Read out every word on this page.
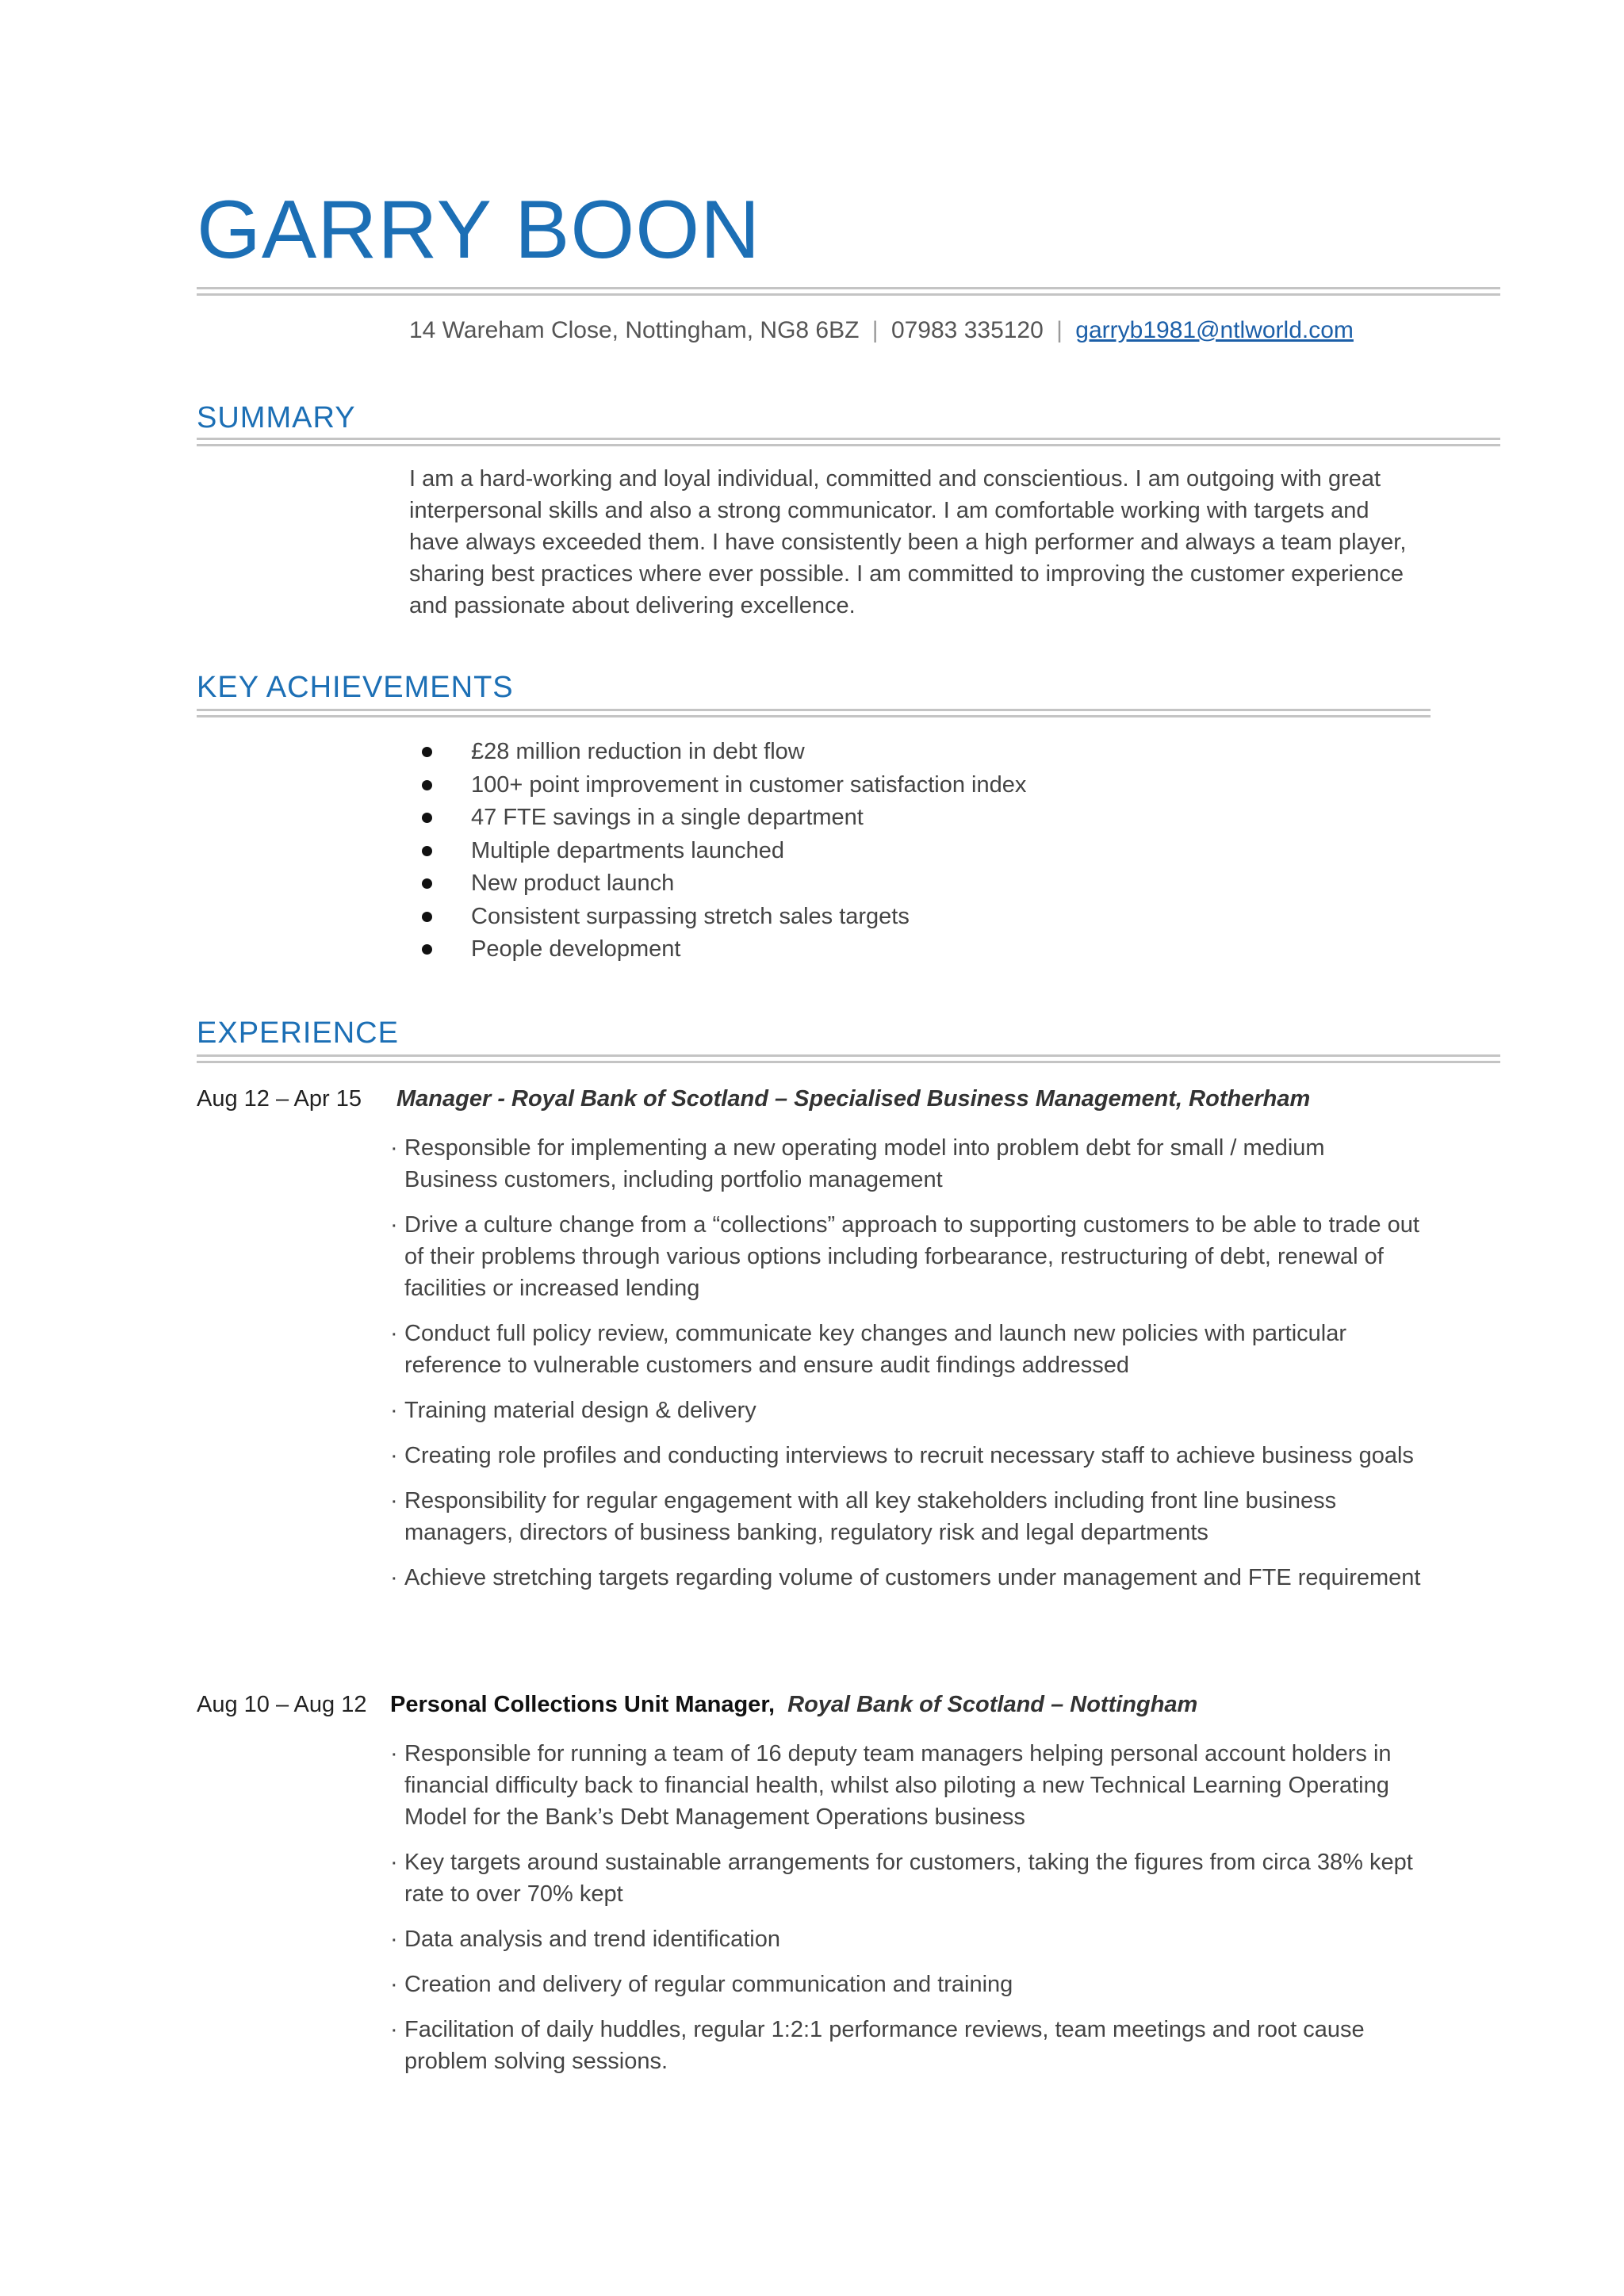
GARRY BOON
14 Wareham Close, Nottingham, NG8 6BZ | 07983 335120 | garryb1981@ntlworld.com
SUMMARY
I am a hard-working and loyal individual, committed and conscientious. I am outgoing with great interpersonal skills and also a strong communicator. I am comfortable working with targets and have always exceeded them. I have consistently been a high performer and always a team player, sharing best practices where ever possible. I am committed to improving the customer experience and passionate about delivering excellence.
KEY ACHIEVEMENTS
£28 million reduction in debt flow
100+ point improvement in customer satisfaction index
47 FTE savings in a single department
Multiple departments launched
New product launch
Consistent surpassing stretch sales targets
People development
EXPERIENCE
Aug 12 – Apr 15 Manager - Royal Bank of Scotland – Specialised Business Management, Rotherham
· Responsible for implementing a new operating model into problem debt for small / medium Business customers, including portfolio management
· Drive a culture change from a “collections” approach to supporting customers to be able to trade out of their problems through various options including forbearance, restructuring of debt, renewal of facilities or increased lending
· Conduct full policy review, communicate key changes and launch new policies with particular reference to vulnerable customers and ensure audit findings addressed
· Training material design & delivery
· Creating role profiles and conducting interviews to recruit necessary staff to achieve business goals
· Responsibility for regular engagement with all key stakeholders including front line business managers, directors of business banking, regulatory risk and legal departments
· Achieve stretching targets regarding volume of customers under management and FTE requirement
Aug 10 – Aug 12 Personal Collections Unit Manager, Royal Bank of Scotland – Nottingham
· Responsible for running a team of 16 deputy team managers helping personal account holders in financial difficulty back to financial health, whilst also piloting a new Technical Learning Operating Model for the Bank’s Debt Management Operations business
· Key targets around sustainable arrangements for customers, taking the figures from circa 38% kept rate to over 70% kept
· Data analysis and trend identification
· Creation and delivery of regular communication and training
· Facilitation of daily huddles, regular 1:2:1 performance reviews, team meetings and root cause problem solving sessions.
